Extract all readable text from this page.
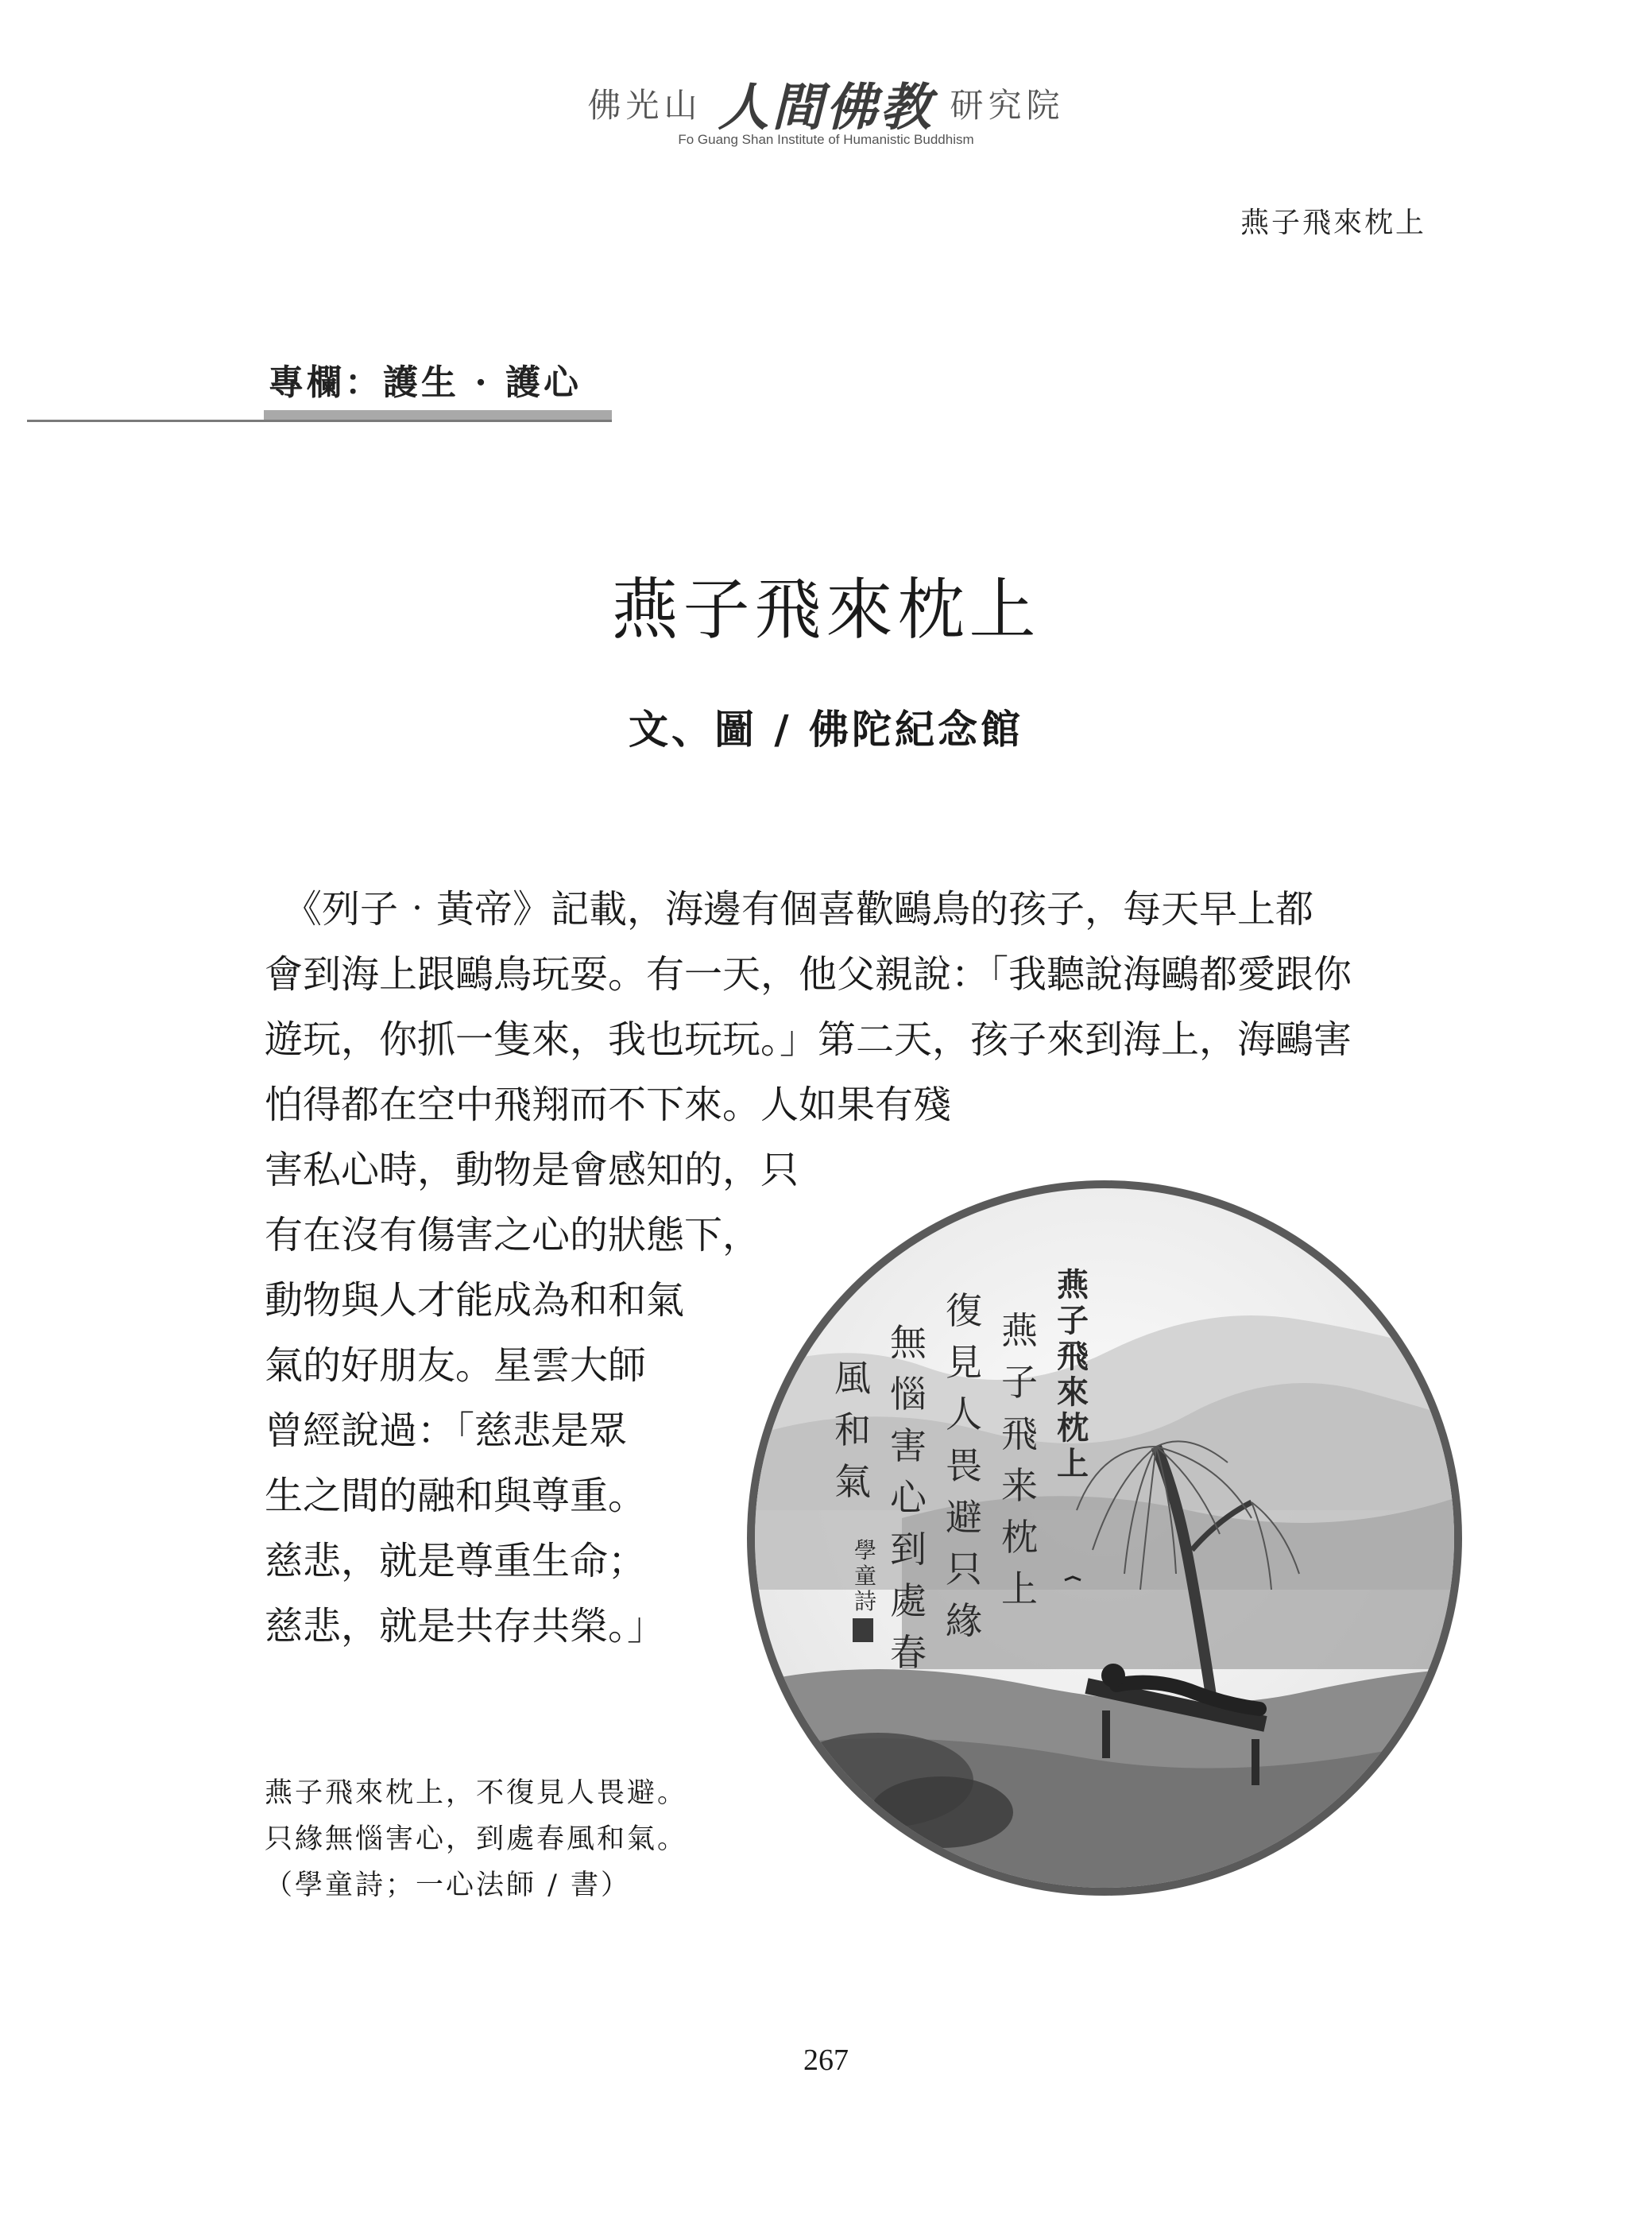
佛光山 人間佛教 研究院
Fo Guang Shan Institute of Humanistic Buddhism
燕子飛來枕上
專欄：護生 · 護心
燕子飛來枕上
文、圖 / 佛陀紀念館
　《列子‧黃帝》記載，海邊有個喜歡鷗鳥的孩子，每天早上都
會到海上跟鷗鳥玩耍。有一天，他父親說：「我聽說海鷗都愛跟你
遊玩，你抓一隻來，我也玩玩。」第二天，孩子來到海上，海鷗害
怕得都在空中飛翔而不下來。人如果有殘
害私心時，動物是會感知的，只
有在沒有傷害之心的狀態下，
動物與人才能成為和和氣
氣的好朋友。星雲大師
曾經說過：「慈悲是眾
生之間的融和與尊重。
慈悲，就是尊重生命；
慈悲，就是共存共榮。」
燕子飛 來枕上
燕子飛 来枕上
復見人 畏避只 緣
無惱害 心到處 春
風和氣
學童詩
燕子飛來枕上，不復見人畏避。
只緣無惱害心，到處春風和氣。
（學童詩；一心法師 / 書）
267
